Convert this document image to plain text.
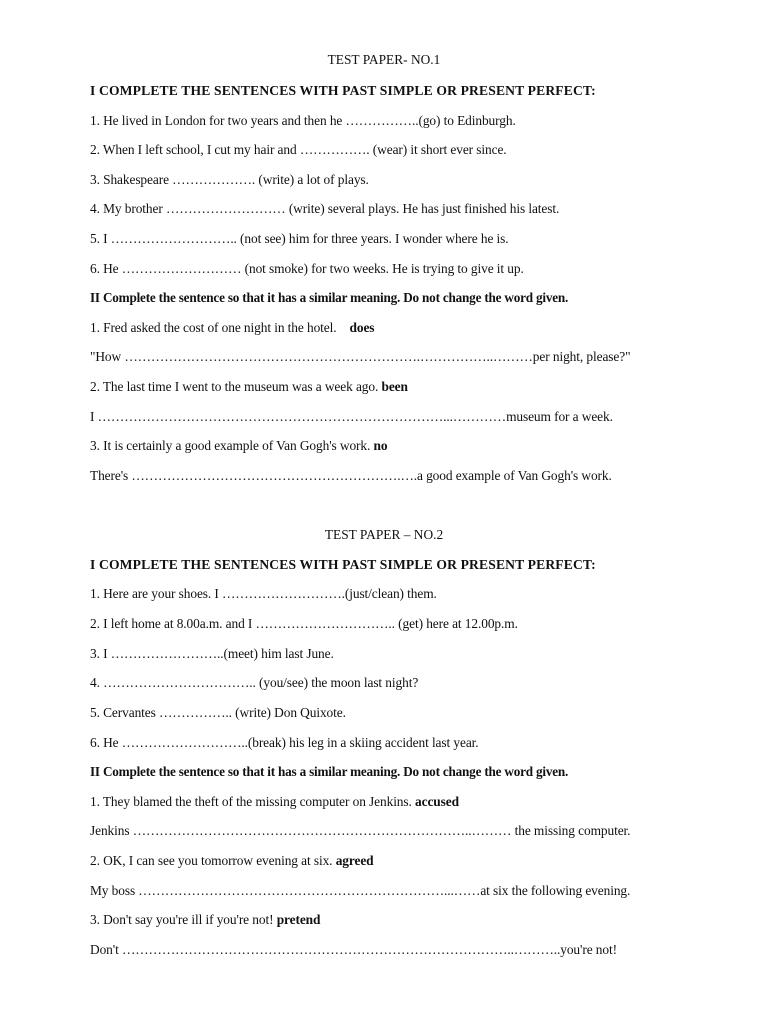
TEST PAPER- NO.1
I COMPLETE THE SENTENCES WITH PAST SIMPLE OR PRESENT PERFECT:
1. He lived in London for two years and then he ……………..(go) to Edinburgh.
2. When I left school, I cut my hair and ……………. (wear) it short ever since.
3. Shakespeare ………………. (write) a lot of plays.
4. My brother ……………………… (write) several plays. He has just finished his latest.
5. I ……………………….. (not see) him for three years. I wonder where he is.
6. He ……………………… (not smoke) for two weeks. He is trying to give it up.
II Complete the sentence so that it has a similar meaning. Do not change the word given.
1. Fred asked the cost of one night in the hotel. does
"How ………………………………………………………….……………..………per night, please?"
2. The last time I went to the museum was a week ago. been
I ……………………………………………………………………...…………museum for a week.
3. It is certainly a good example of Van Gogh's work. no
There's …………………………………………………….….a good example of Van Gogh's work.
TEST PAPER – NO.2
I COMPLETE THE SENTENCES WITH PAST SIMPLE OR PRESENT PERFECT:
1. Here are your shoes. I ……………………….(just/clean) them.
2. I left home at 8.00a.m. and I ………………………….. (get) here at 12.00p.m.
3. I ……………………..(meet) him last June.
4. …………………………….. (you/see) the moon last night?
5. Cervantes …………….. (write) Don Quixote.
6. He ………………………..(break) his leg in a skiing accident last year.
II Complete the sentence so that it has a similar meaning. Do not change the word given.
1. They blamed the theft of the missing computer on Jenkins. accused
Jenkins …………………………………………………………………..……… the missing computer.
2. OK, I can see you tomorrow evening at six. agreed
My boss ……………………………………………………………...……at six the following evening.
3. Don't say you're ill if you're not! pretend
Don't ……………………………………………………………………………..………..you're not!
